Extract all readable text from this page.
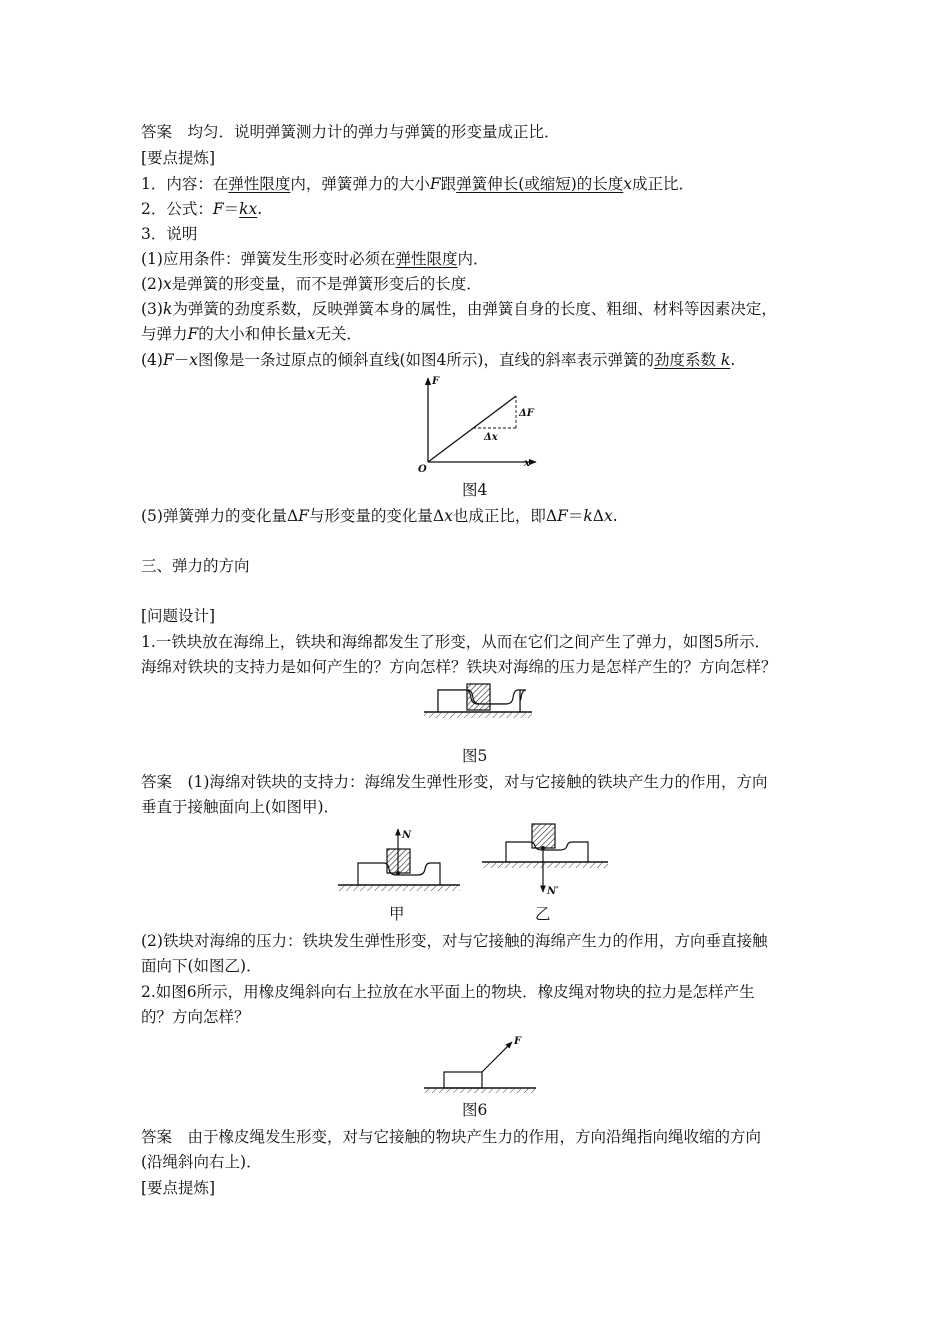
答案　均匀．说明弹簧测力计的弹力与弹簧的形变量成正比．
[要点提炼]
1．内容：在弹性限度内，弹簧弹力的大小F跟弹簧伸长(或缩短)的长度x成正比．
2．公式：F＝kx.
3．说明
(1)应用条件：弹簧发生形变时必须在弹性限度内．
(2)x是弹簧的形变量，而不是弹簧形变后的长度．
(3)k为弹簧的劲度系数，反映弹簧本身的属性，由弹簧自身的长度、粗细、材料等因素决定，
与弹力F的大小和伸长量x无关．
(4)F－x图像是一条过原点的倾斜直线(如图4所示)，直线的斜率表示弹簧的劲度系数 k.
F
x
O
ΔF
Δx
图4
(5)弹簧弹力的变化量ΔF与形变量的变化量Δx也成正比，即ΔF＝kΔx.
三、弹力的方向
[问题设计]
1.一铁块放在海绵上，铁块和海绵都发生了形变，从而在它们之间产生了弹力，如图5所示．
海绵对铁块的支持力是如何产生的？方向怎样？铁块对海绵的压力是怎样产生的？方向怎样？
图5
答案　(1)海绵对铁块的支持力：海绵发生弹性形变，对与它接触的铁块产生力的作用，方向
垂直于接触面向上(如图甲)．
N
甲
N′
乙
(2)铁块对海绵的压力：铁块发生弹性形变，对与它接触的海绵产生力的作用，方向垂直接触
面向下(如图乙)．
2.如图6所示，用橡皮绳斜向右上拉放在水平面上的物块．橡皮绳对物块的拉力是怎样产生
的？方向怎样？
F
图6
答案　由于橡皮绳发生形变，对与它接触的物块产生力的作用，方向沿绳指向绳收缩的方向
(沿绳斜向右上)．
[要点提炼]
